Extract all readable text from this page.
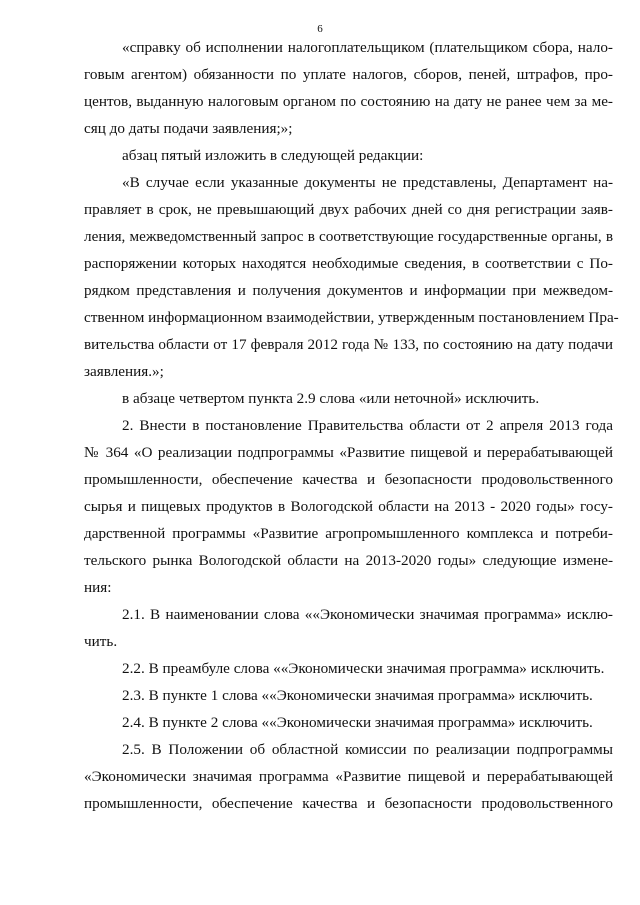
6
«справку об исполнении налогоплательщиком (плательщиком сбора, нало-
говым агентом) обязанности по уплате налогов, сборов, пеней, штрафов, про-
центов, выданную налоговым органом по состоянию на дату не ранее чем за ме-
сяц до даты подачи заявления;»;
абзац пятый изложить в следующей редакции:
«В случае если указанные документы не представлены, Департамент на-
правляет в срок, не превышающий двух рабочих дней со дня регистрации заяв-
ления, межведомственный запрос в соответствующие государственные органы, в
распоряжении которых находятся необходимые сведения, в соответствии с По-
рядком представления и получения документов и информации при межведом-
ственном информационном взаимодействии, утвержденным постановлением Пра-
вительства области от 17 февраля 2012 года № 133, по состоянию на дату подачи
заявления.»;
в абзаце четвертом пункта 2.9 слова «или неточной» исключить.
2. Внести в постановление Правительства области от 2 апреля 2013 года
№ 364 «О реализации подпрограммы «Развитие пищевой и перерабатывающей
промышленности, обеспечение качества и безопасности продовольственного
сырья и пищевых продуктов в Вологодской области на 2013 - 2020 годы» госу-
дарственной программы «Развитие агропромышленного комплекса и потреби-
тельского рынка Вологодской области на 2013-2020 годы» следующие измене-
ния:
2.1. В наименовании слова ««Экономически значимая программа» исклю-
чить.
2.2. В преамбуле слова ««Экономически значимая программа» исключить.
2.3. В пункте 1 слова ««Экономически значимая программа» исключить.
2.4. В пункте 2 слова ««Экономически значимая программа» исключить.
2.5. В Положении об областной комиссии по реализации подпрограммы
«Экономически значимая программа «Развитие пищевой и перерабатывающей
промышленности, обеспечение качества и безопасности продовольственного
